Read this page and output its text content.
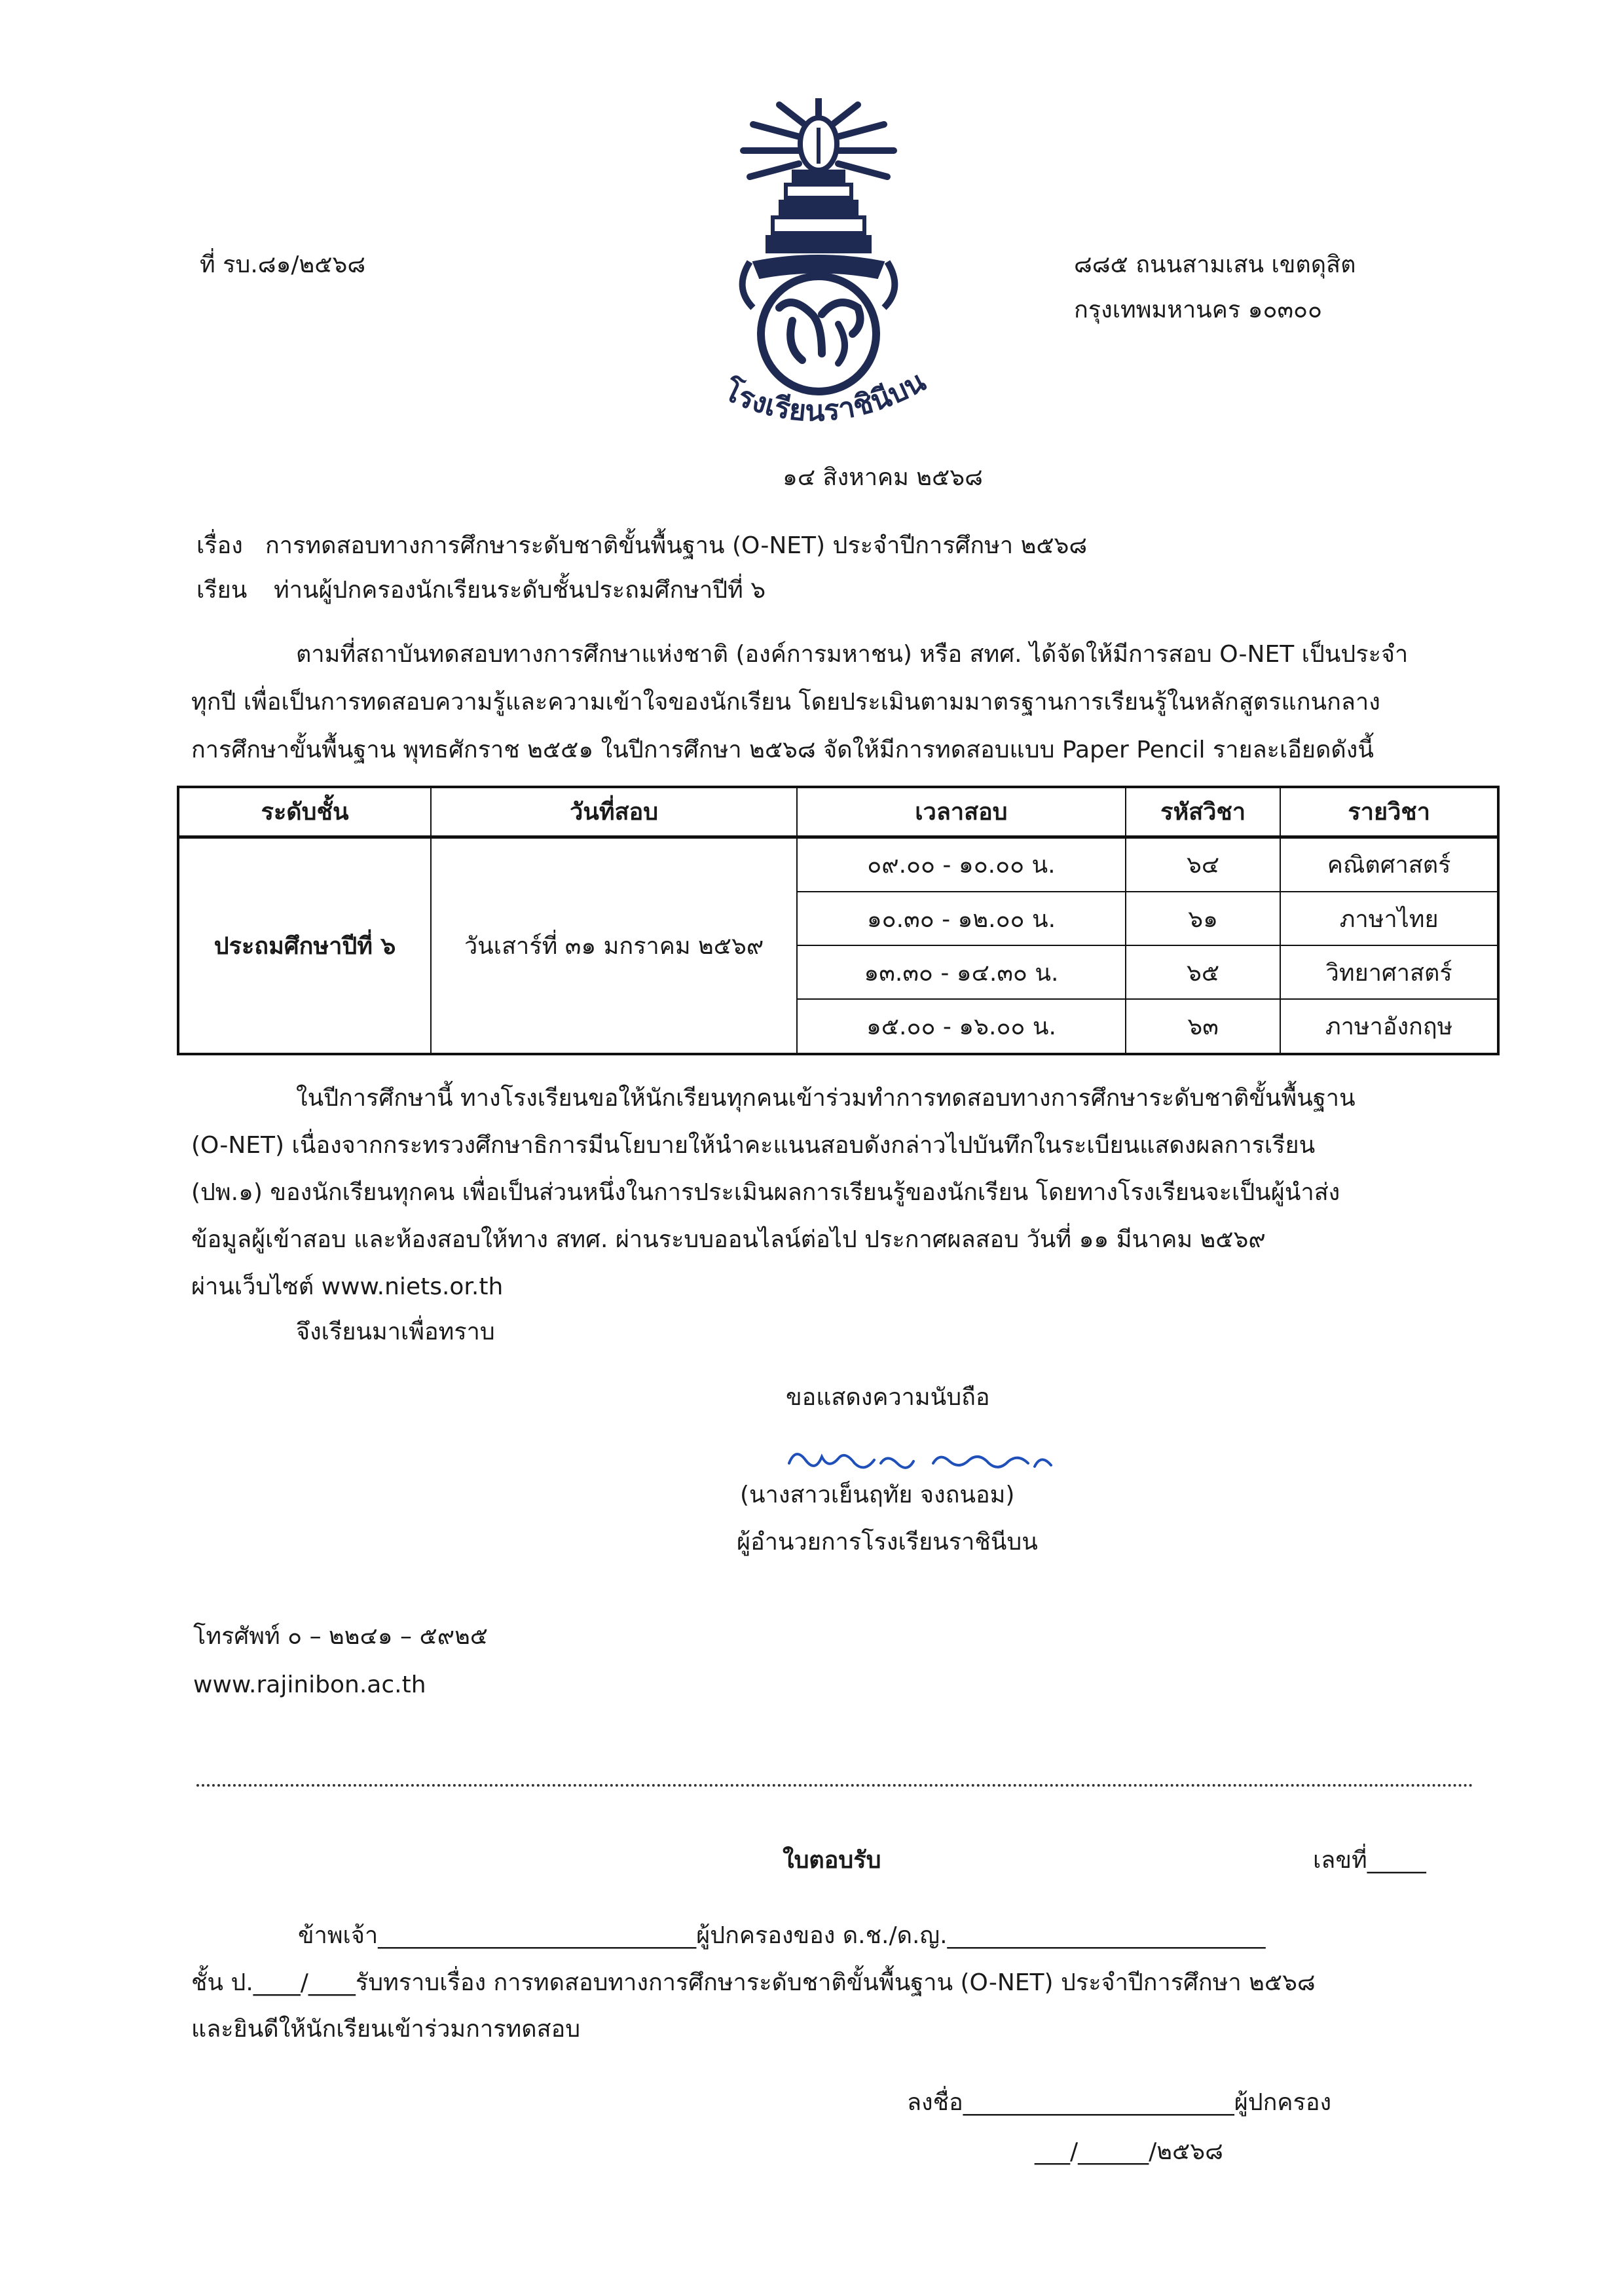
โรงเรียนราชินีบน
ที่ รบ.๘๑/๒๕๖๘	๘๘๕ ถนนสามเสน เขตดุสิต
กรุงเทพมหานคร ๑๐๓๐๐
๑๔ สิงหาคม ๒๕๖๘
เรื่อง การทดสอบทางการศึกษาระดับชาติขั้นพื้นฐาน (O-NET) ประจำปีการศึกษา ๒๕๖๘
เรียน ท่านผู้ปกครองนักเรียนระดับชั้นประถมศึกษาปีที่ ๖
ตามที่สถาบันทดสอบทางการศึกษาแห่งชาติ (องค์การมหาชน) หรือ สทศ. ได้จัดให้มีการสอบ O-NET เป็นประจำ
ทุกปี เพื่อเป็นการทดสอบความรู้และความเข้าใจของนักเรียน โดยประเมินตามมาตรฐานการเรียนรู้ในหลักสูตรแกนกลาง
การศึกษาขั้นพื้นฐาน พุทธศักราช ๒๕๕๑ ในปีการศึกษา ๒๕๖๘ จัดให้มีการทดสอบแบบ Paper Pencil รายละเอียดดังนี้
ระดับชั้น	วันที่สอบ	เวลาสอบ	รหัสวิชา	รายวิชา
ประถมศึกษาปีที่ ๖	วันเสาร์ที่ ๓๑ มกราคม ๒๕๖๙	๐๙.๐๐ - ๑๐.๐๐ น.	๖๔	คณิตศาสตร์
		๑๐.๓๐ - ๑๒.๐๐ น.	๖๑	ภาษาไทย
		๑๓.๓๐ - ๑๔.๓๐ น.	๖๕	วิทยาศาสตร์
		๑๕.๐๐ - ๑๖.๐๐ น.	๖๓	ภาษาอังกฤษ
ในปีการศึกษานี้ ทางโรงเรียนขอให้นักเรียนทุกคนเข้าร่วมทำการทดสอบทางการศึกษาระดับชาติขั้นพื้นฐาน
(O-NET) เนื่องจากกระทรวงศึกษาธิการมีนโยบายให้นำคะแนนสอบดังกล่าวไปบันทึกในระเบียนแสดงผลการเรียน
(ปพ.๑) ของนักเรียนทุกคน เพื่อเป็นส่วนหนึ่งในการประเมินผลการเรียนรู้ของนักเรียน โดยทางโรงเรียนจะเป็นผู้นำส่ง
ข้อมูลผู้เข้าสอบ และห้องสอบให้ทาง สทศ. ผ่านระบบออนไลน์ต่อไป ประกาศผลสอบ วันที่ ๑๑ มีนาคม ๒๕๖๙
ผ่านเว็บไซต์ www.niets.or.th
จึงเรียนมาเพื่อทราบ
ขอแสดงความนับถือ
เย็นฤทัย จงถนอม
(นางสาวเย็นฤทัย จงถนอม)
ผู้อำนวยการโรงเรียนราชินีบน
โทรศัพท์ ๐ – ๒๒๔๑ – ๕๙๒๕
www.rajinibon.ac.th
ใบตอบรับ	เลขที่_____
ข้าพเจ้า___________________________ผู้ปกครองของ ด.ช./ด.ญ.___________________________
ชั้น ป.____/____รับทราบเรื่อง การทดสอบทางการศึกษาระดับชาติขั้นพื้นฐาน (O-NET) ประจำปีการศึกษา ๒๕๖๘
และยินดีให้นักเรียนเข้าร่วมการทดสอบ
ลงชื่อ_______________________ผู้ปกครอง
___/______/๒๕๖๘
